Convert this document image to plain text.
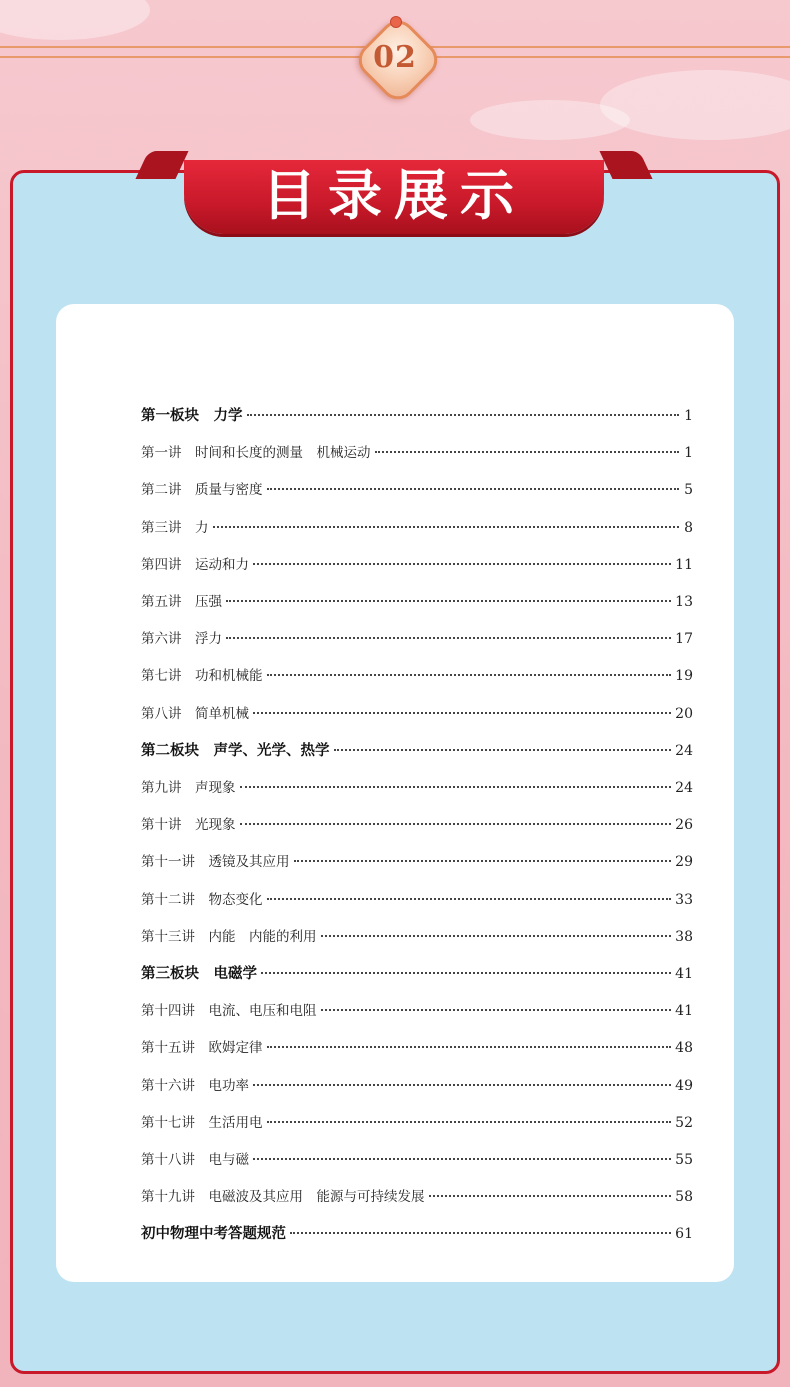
02
目录展示
第一板块　力学	1
第一讲　时间和长度的测量　机械运动	1
第二讲　质量与密度	5
第三讲　力	8
第四讲　运动和力	11
第五讲　压强	13
第六讲　浮力	17
第七讲　功和机械能	19
第八讲　简单机械	20
第二板块　声学、光学、热学	24
第九讲　声现象	24
第十讲　光现象	26
第十一讲　透镜及其应用	29
第十二讲　物态变化	33
第十三讲　内能　内能的利用	38
第三板块　电磁学	41
第十四讲　电流、电压和电阻	41
第十五讲　欧姆定律	48
第十六讲　电功率	49
第十七讲　生活用电	52
第十八讲　电与磁	55
第十九讲　电磁波及其应用　能源与可持续发展	58
初中物理中考答题规范	61
